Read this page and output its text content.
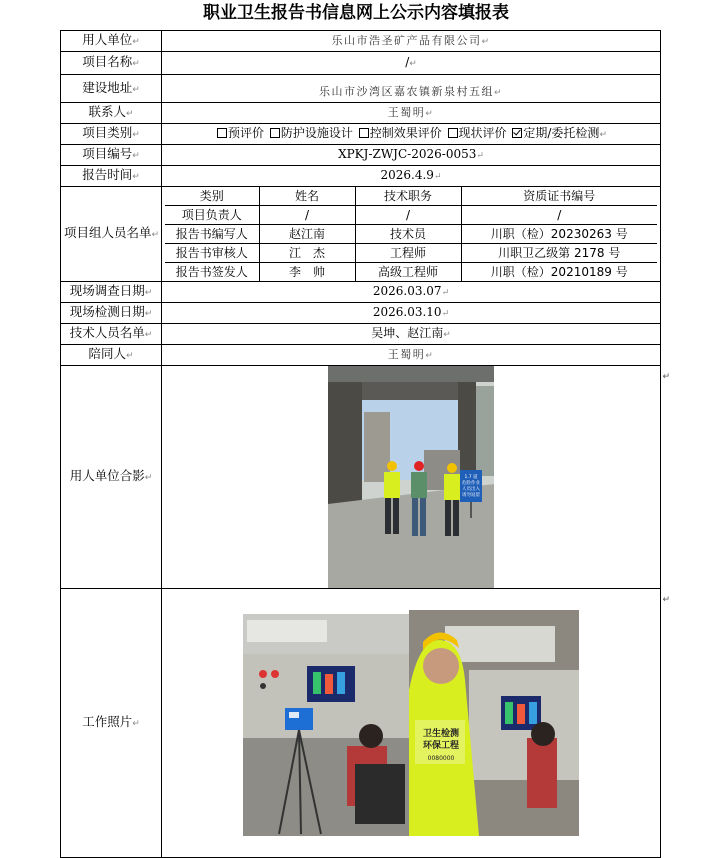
职业卫生报告书信息网上公示内容填报表
用人单位↵	乐山市浩圣矿产品有限公司↵
项目名称↵	/↵
建设地址↵	乐山市沙湾区嘉农镇新泉村五组↵
联系人↵	王蜀明↵
项目类别↵	预评价 防护设施设计 控制效果评价 现状评价 定期/委托检测↵
项目编号↵	XPKJ-ZWJC-2026-0053↵
报告时间↵	2026.4.9↵
项目组人员名单↵	
类别	姓名	技术职务	资质证书编号
项目负责人	/	/	/
报告书编写人	赵江南	技术员	川职（检）20230263 号
报告书审核人	江　杰	工程师	川职卫乙级第 2178 号
报告书签发人	李　帅	高级工程师	川职（检）20210189 号

现场调查日期↵	2026.03.07↵
现场检测日期↵	2026.03.10↵
技术人员名单↵	吴坤、赵江南↵
陪同人↵	王蜀明↵
用人单位合影↵	1.7 道
危险作业
人员出入
请勿逗留
↵

工作照片↵	
卫生检测
环保工程
0080000
↵
